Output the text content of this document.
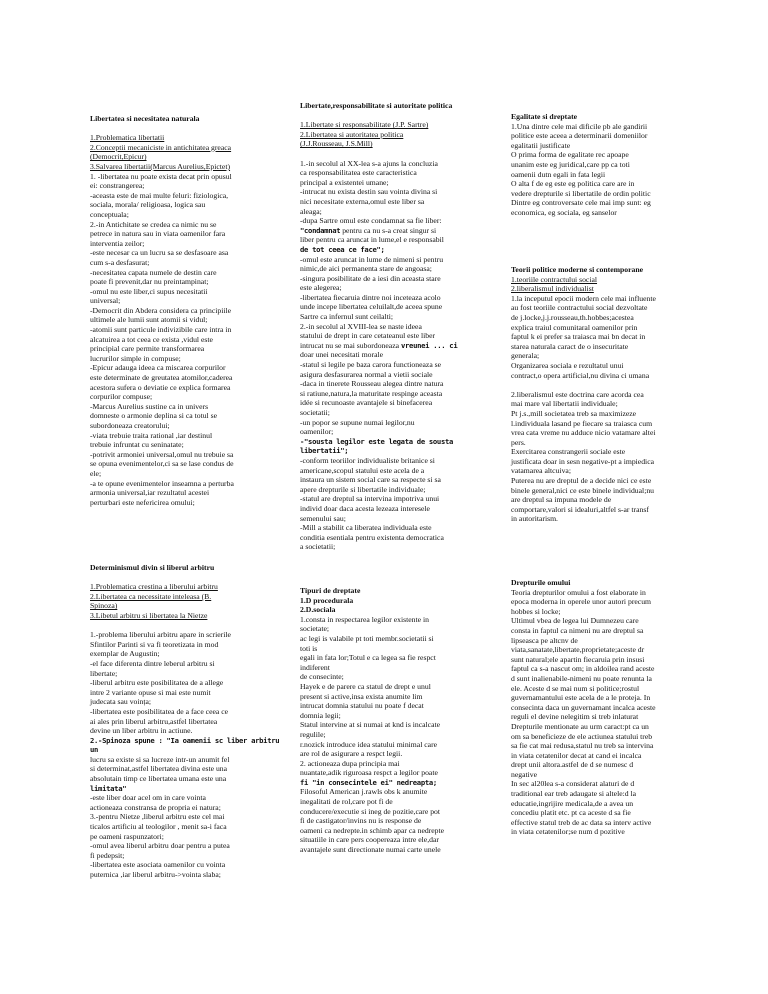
Libertatea si necesitatea naturala
1.Problematica libertatii
2.Conceptii mecaniciste in antichitatea greaca
(Democrit,Epicur)
3.Salvarea libertatii(Marcus Aurelius,Epictet)
1. -libertatea nu poate exista decat prin opusul
ei: constrangerea;
-aceasta este de mai multe feluri: fiziologica,
sociala, morala/ religioasa, logica sau
conceptuala;
2.-in Antichitate se credea ca nimic nu se
petrece in natura sau in viata oamenilor fara
interventia zeilor;
-este necesar ca un lucru sa se desfasoare asa
cum s-a desfasurat;
-necesitatea capata numele de destin care
poate fi prevenit,dar nu preintampinat;
-omul nu este liber,ci supus necesitatii
universal;
-Democrit din Abdera considera ca principiile
ultimele ale lumii sunt atomii si vidul;
-atomii sunt particule indivizibile care intra in
alcatuirea a tot ceea ce exista ,vidul este
principial care permite transformarea
lucrurilor simple in compuse;
-Epicur adauga ideea ca miscarea corpurilor
este determinate de greutatea atomilor,caderea
acestora sufera o deviatie ce explica formarea
corpurilor compuse;
-Marcus Aurelius sustine ca in univers
domneste o armonie deplina si ca totul se
subordoneaza creatorului;
-viata trebuie traita rational ,iar destinul
trebuie infruntat cu seninatate;
-potrivit armoniei universal,omul nu trebuie sa
se opuna evenimentelor,ci sa se lase condus de
ele;
-a te opune evenimentelor inseamna a perturba
armonia universal,iar rezultatul acestei
perturbari este nefericirea omului;
Determinismul divin si liberul arbitru
1.Problematica crestina a liberului arbitru
2.Libertatea ca necessitate inteleasa (B.
Spinoza)
3.Libetul arbitru si libertatea la Nietze
1.-problema liberului arbitru apare in scrierile
Sfintilor Parinti si va fi teoretizata in mod
exemplar de Augustin;
-el face diferenta dintre leberul arbitru si
libertate;
-liberul arbitru este posibilitatea de a allege
intre 2 variante opuse si mai este numit
judecata sau voința;
-libertatea este posibilitatea de a face ceea ce
ai ales prin liberul arbitru,astfel libertatea
devine un liber arbitru in actiune.
2.-Spinoza spune : "Ia oamenii sc liber arbitru un
lucru sa existe si sa lucreze intr-un anumit fel
si determinat,astfel libertatea divina este una
absolutain timp ce libertatea umana este una
limitata"
-este liber doar acel om in care vointa
actioneaza constransa de propria ei natura;
3.-pentru Nietze ,liberul arbitru este cel mai
ticalos artificiu al teologilor , menit sa-i faca
pe oameni raspunzatori;
-omul avea liberul arbitru doar pentru a putea
fi pedepsit;
-libertatea este asociata oamenilor cu vointa
puternica ,iar liberul arbitru->vointa slaba;
Libertate,responsabilitate si autoritate politica
1.Libertate si responsabilitate (J.P. Sartre)
2.Libertatea si autoritatea politica
(J.J.Rousseau, J.S.Mill)
1.-in secolul al XX-lea s-a ajuns la concluzia
ca responsabilitatea este caracteristica
principal a existentei umane;
-intrucat nu exista destin sau vointa divina si
nici necesitate externa,omul este liber sa
aleaga;
-dupa Sartre omul este condamnat sa fie liber:
"condamnat pentru ca nu s-a creat singur si
liber pentru ca aruncat in lume,el e responsabil
de tot ceea ce face";
-omul este aruncat in lume de nimeni si pentru
nimic,de aici permanenta stare de angoasa;
-singura posibilitate de a iesi din aceasta stare
este alegerea;
-libertatea fiecaruia dintre noi inceteaza acolo
unde incepe libertatea celuilalt,de aceea spune
Sartre ca infernul sunt ceilalti;
2.-in secolul al XVIII-lea se naste ideea
statului de drept in care cetateanul este liber
intrucat nu se mai subordoneaza vreunei ... ci
doar unei necesitati morale
-statul si legile pe baza carora functioneaza se
asigura desfasurarea normal a vietii sociale
-daca in tinerete Rousseau alegea dintre natura
si ratiune,natura,la maturitate respinge aceasta
idée si recunoaste avantajele si binefacerea
societatii;
-un popor se supune numai legilor,nu
oamenilor;
-"sousta legilor este legata de sousta libertatii";
-conform teoriilor individualiste britanice si
americane,scopul statului este acela de a
instaura un sistem social care sa respecte si sa
apere drepturile si libertatile individuale;
-statul are dreptul sa intervina impotriva unui
individ doar daca acesta lezeaza interesele
semenului sau;
-Mill a stabilit ca liberatea individuala este
conditia esentiala pentru existenta democratica
a societatii;
Tipuri de dreptate
1.D procedurala
2.D.sociala
1.consta in respectarea legilor existente in
societate;
ac legi is valabile pt toti membr.societatii si
toti is
egali in fata lor;Totul e ca legea sa fie respct
indiferent
de consecinte;
Hayek e de parere ca statul de drept e unul
present si active,insa exista anumite lim
intrucat domnia statului nu poate f decat
domnia legii;
Statul intervine at si numai at knd is incalcate
regulile;
r.nozick introduce idea statului minimal care
are rol de asigurare a respct legii.
2. actioneaza dupa principia mai
nuantate,adik riguroasa respct a legilor poate
fi "in consecintele ei" nedreapta;
Filosoful American j.rawls obs k anumite
inegalitati de rol,care pot fi de
conducere/executie si ineg de pozitie,care pot
fi de castigator/invins nu is response de
oameni ca nedrepte.in schimb apar ca nedrepte
situatiile in care pers coopereaza intre ele,dar
avantajele sunt directionate numai carte unele
Egalitate si dreptate
1.Una dintre cele mai dificile pb ale gandirii
politice este aceea a determinarii domeniilor
egalitatii justificate
O prima forma de egalitate rec apoape
unanim este eg juridical,care pp ca toti
oamenii dutn egali in fata legii
O alta f de eg este eg politica care are in
vedere drepturile si libertatile de ordin politic
Dintre eg controversate cele mai imp sunt: eg
economica, eg sociala, eg sanselor
Teorii politice moderne si contemporane
1.teoriile contractului social
2.liberalismul individualist
1.la inceputul epocii modern cele mai influente
au fost teoriile contractului social dezvoltate
de j.locke,j.j.rousseau,th.hobbes;acestea
explica traiul comunitaral oamenilor prin
faptul k ei prefer sa traiasca mai bn decat in
starea naturala caract de o insecuritate
generala;
Organizarea sociala e rezultatul unui
contract,o opera artificial,nu divina ci umana
2.liberalismul este doctrina care acorda cea
mai mare val libertatii individuale;
Pt j.s.,mill societatea treb sa maximizeze
l.individuala lasand pe fiecare sa traiasca cum
vrea cata vreme nu adduce nicio vatamare altei
pers.
Exercitarea constrangerii sociale este
justificata doar in sesn negative-pt a impiedica
vatamarea altcuiva;
Puterea nu are dreptul de a decide nici ce este
binele general,nici ce este binele individual;nu
are dreptul sa impuna modele de
comportare,valori si idealuri,altfel s-ar transf
in autoritarism.
Drepturile omului
Teoria drepturilor omului a fost elaborate in
epoca moderna in operele unor autori precum
hobbes si locke;
Ultimul vbea de legea lui Dumnezeu care
consta in faptul ca nimeni nu are dreptul sa
lipseasca pe altcnv de
viata,sanatate,libertate,proprietate;aceste dr
sunt natural;ele apartin fiecaruia prin insusi
faptul ca s-a nascut om; in aldoilea rand aceste
d sunt inalienabile-nimeni nu poate renunta la
ele. Aceste d se mai num si politice;rostul
guvernamantului este acela de a le proteja. In
consecinta daca un guvernamant incalca aceste
reguli el devine nelegitim si treb inlaturat
Drepturile mentionate au urm caract:pt ca un
om sa beneficieze de ele actiunea statului treb
sa fie cat mai redusa,statul nu treb sa intervina
in viata cetatenilor decat at cand ei incalca
drept unii altora.astfel de d se numesc d
negative
In sec al20lea s-a considerat alaturi de d
traditional ear treb adaugate si altele:d la
educatie,ingrijire medicala,de a avea un
concediu platit etc. pt ca aceste d sa fie
effective statul treb de ac data sa interv active
in viata cetatenilor;se num d pozitive
